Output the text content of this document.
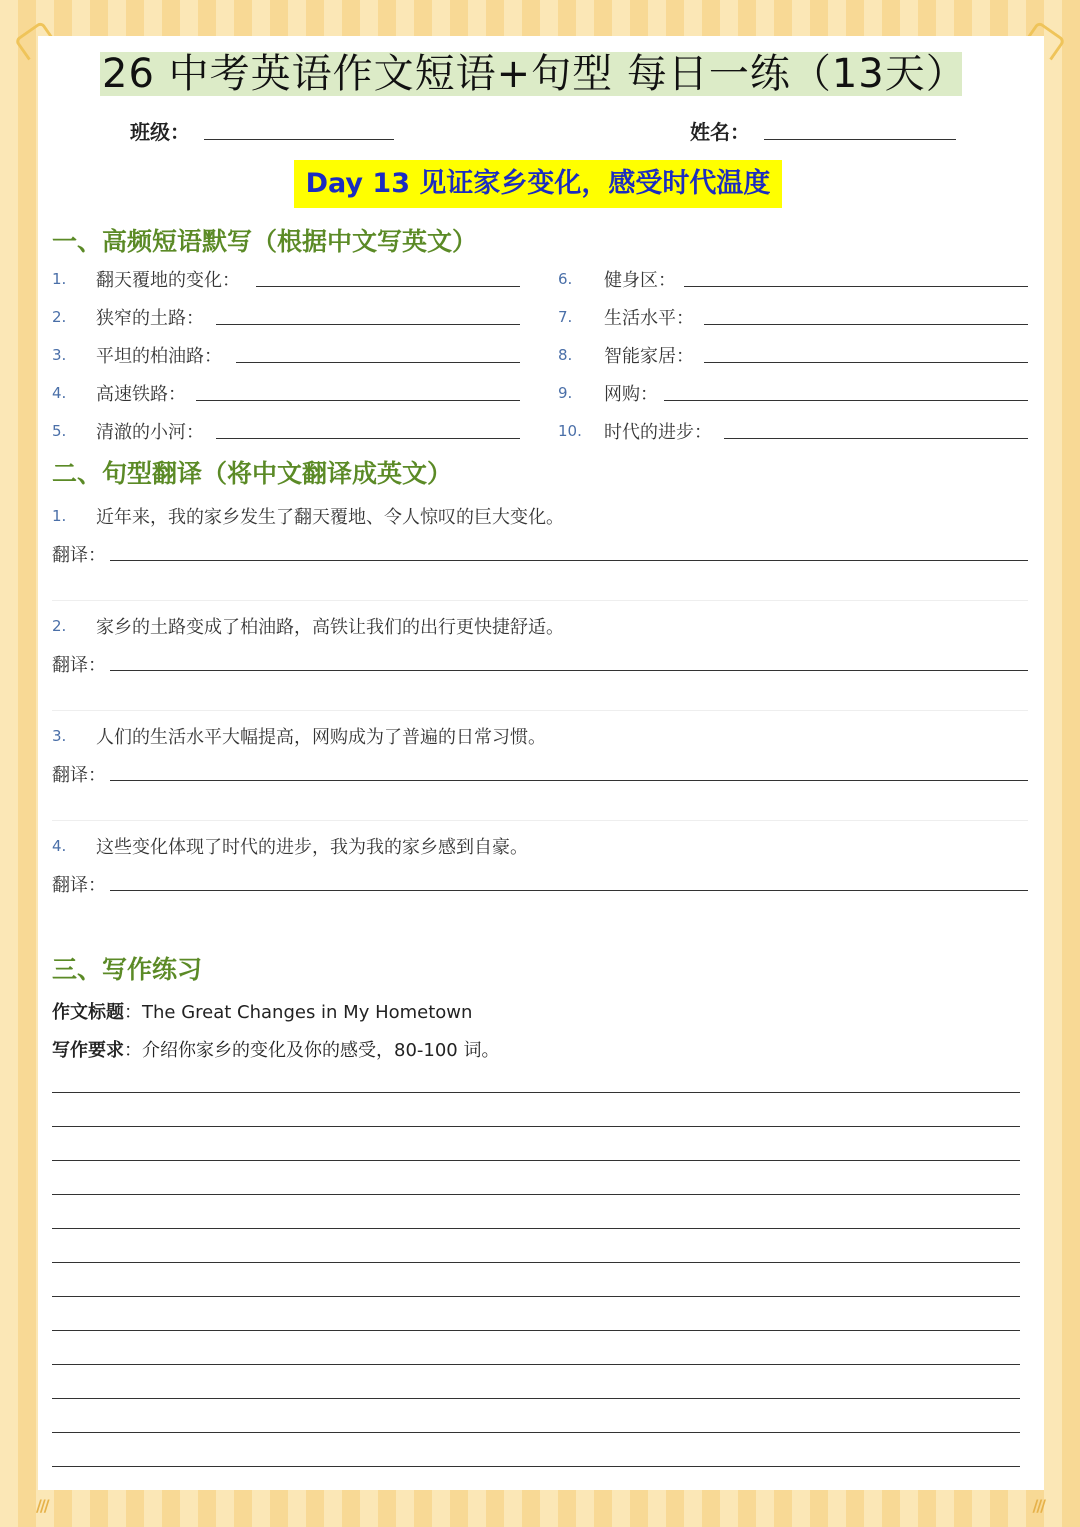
///	///
26 中考英语作文短语+句型 每日一练（13天）
班级：	姓名：
Day 13 见证家乡变化，感受时代温度
一、高频短语默写（根据中文写英文）
1. 翻天覆地的变化：
2. 狭窄的土路：
3. 平坦的柏油路：
4. 高速铁路：
5. 清澈的小河：
6. 健身区：
7. 生活水平：
8. 智能家居：
9. 网购：
10. 时代的进步：
二、句型翻译（将中文翻译成英文）
1. 近年来，我的家乡发生了翻天覆地、令人惊叹的巨大变化。
翻译：
2. 家乡的土路变成了柏油路，高铁让我们的出行更快捷舒适。
翻译：
3. 人们的生活水平大幅提高，网购成为了普遍的日常习惯。
翻译：
4. 这些变化体现了时代的进步，我为我的家乡感到自豪。
翻译：
三、写作练习
作文标题：The Great Changes in My Hometown
写作要求：介绍你家乡的变化及你的感受，80-100 词。
